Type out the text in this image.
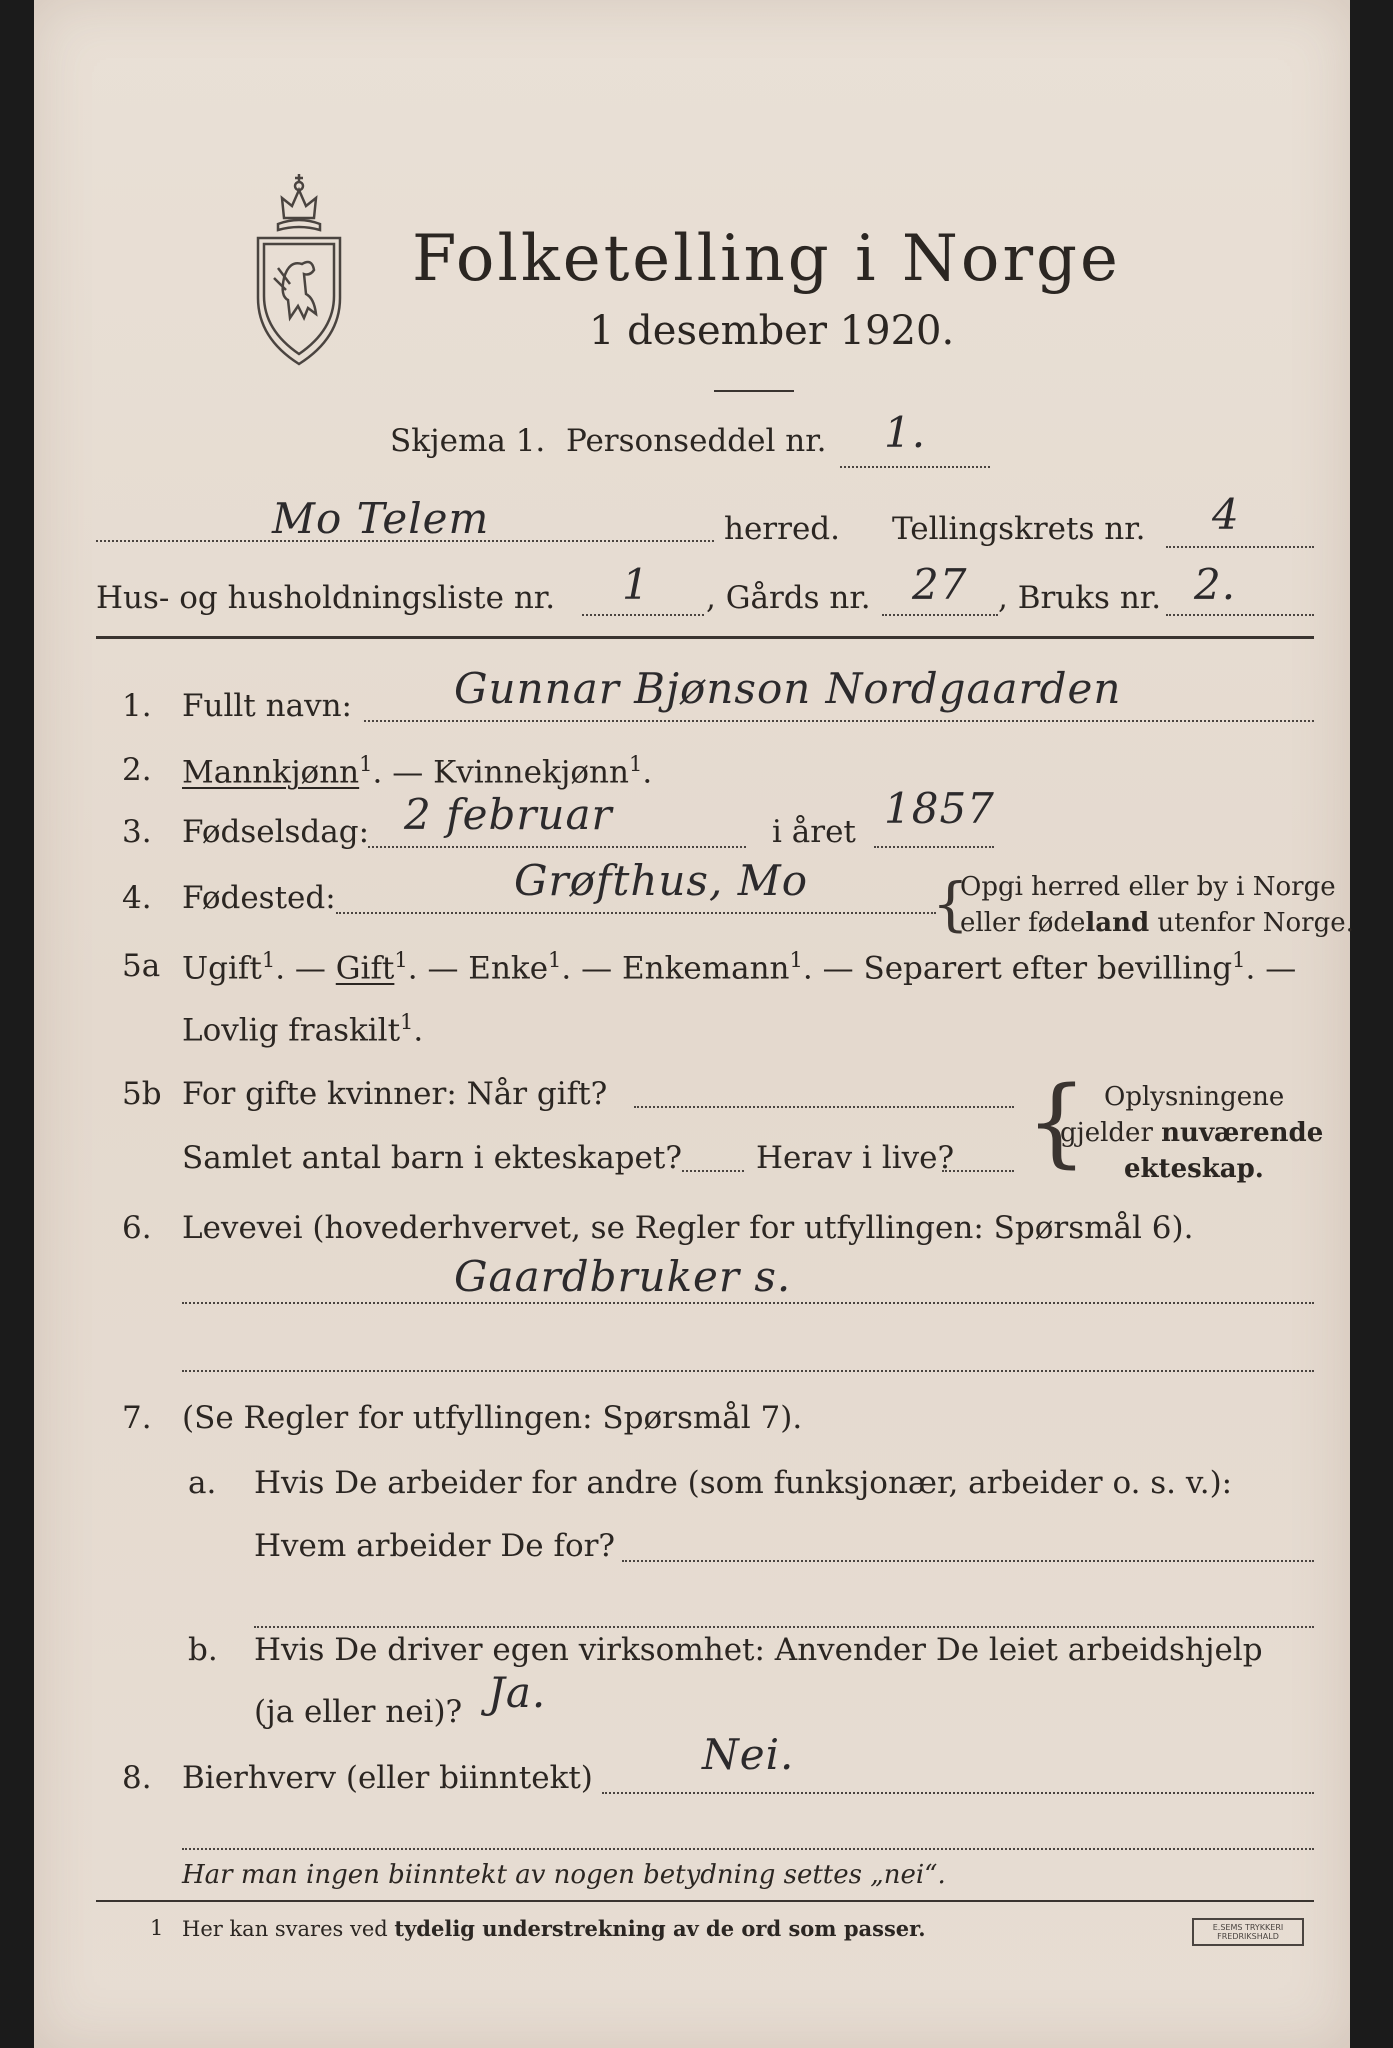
Folketelling i Norge
1 desember 1920.
Skjema 1. Personseddel nr. 1.
Mo Telem	herred. Tellingskrets nr. 4
Hus- og husholdningsliste nr. 1 , Gårds nr. 27 , Bruks nr. 2.
1. Fullt navn: Gunnar Bjønson Nordgaarden
2. Mannkjønn$^1$. — Kvinnekjønn$^1$.
3. Fødselsdag: 2 februar	i året 1857
4. Fødested:	Grøfthus, Mo {
Opgi herred eller by i Norge
eller fødeland utenfor Norge.
5a Ugift$^1$. — Gift$^1$. — Enke$^1$. — Enkemann$^1$. — Separert efter bevilling$^1$. —
Lovlig fraskilt$^1$.
5b For gifte kvinner: Når gift?
Samlet antal barn i ekteskapet? Herav i live? { Oplysningene
gjelder nuværende
ekteskap.
6. Levevei (hovederhvervet, se Regler for utfyllingen: Spørsmål 6).
Gaardbruker s.
7. (Se Regler for utfyllingen: Spørsmål 7).
a. Hvis De arbeider for andre (som funksjonær, arbeider o. s. v.):
Hvem arbeider De for?
b. Hvis De driver egen virksomhet: Anvender De leiet arbeidshjelp
(ja eller nei)? Ja.
8. Bierhverv (eller biinntekt)	Nei.
Har man ingen biinntekt av nogen betydning settes „nei“.
1 Her kan svares ved tydelig understrekning av de ord som passer.	E.SEMS TRYKKERI
FREDRIKSHALD
